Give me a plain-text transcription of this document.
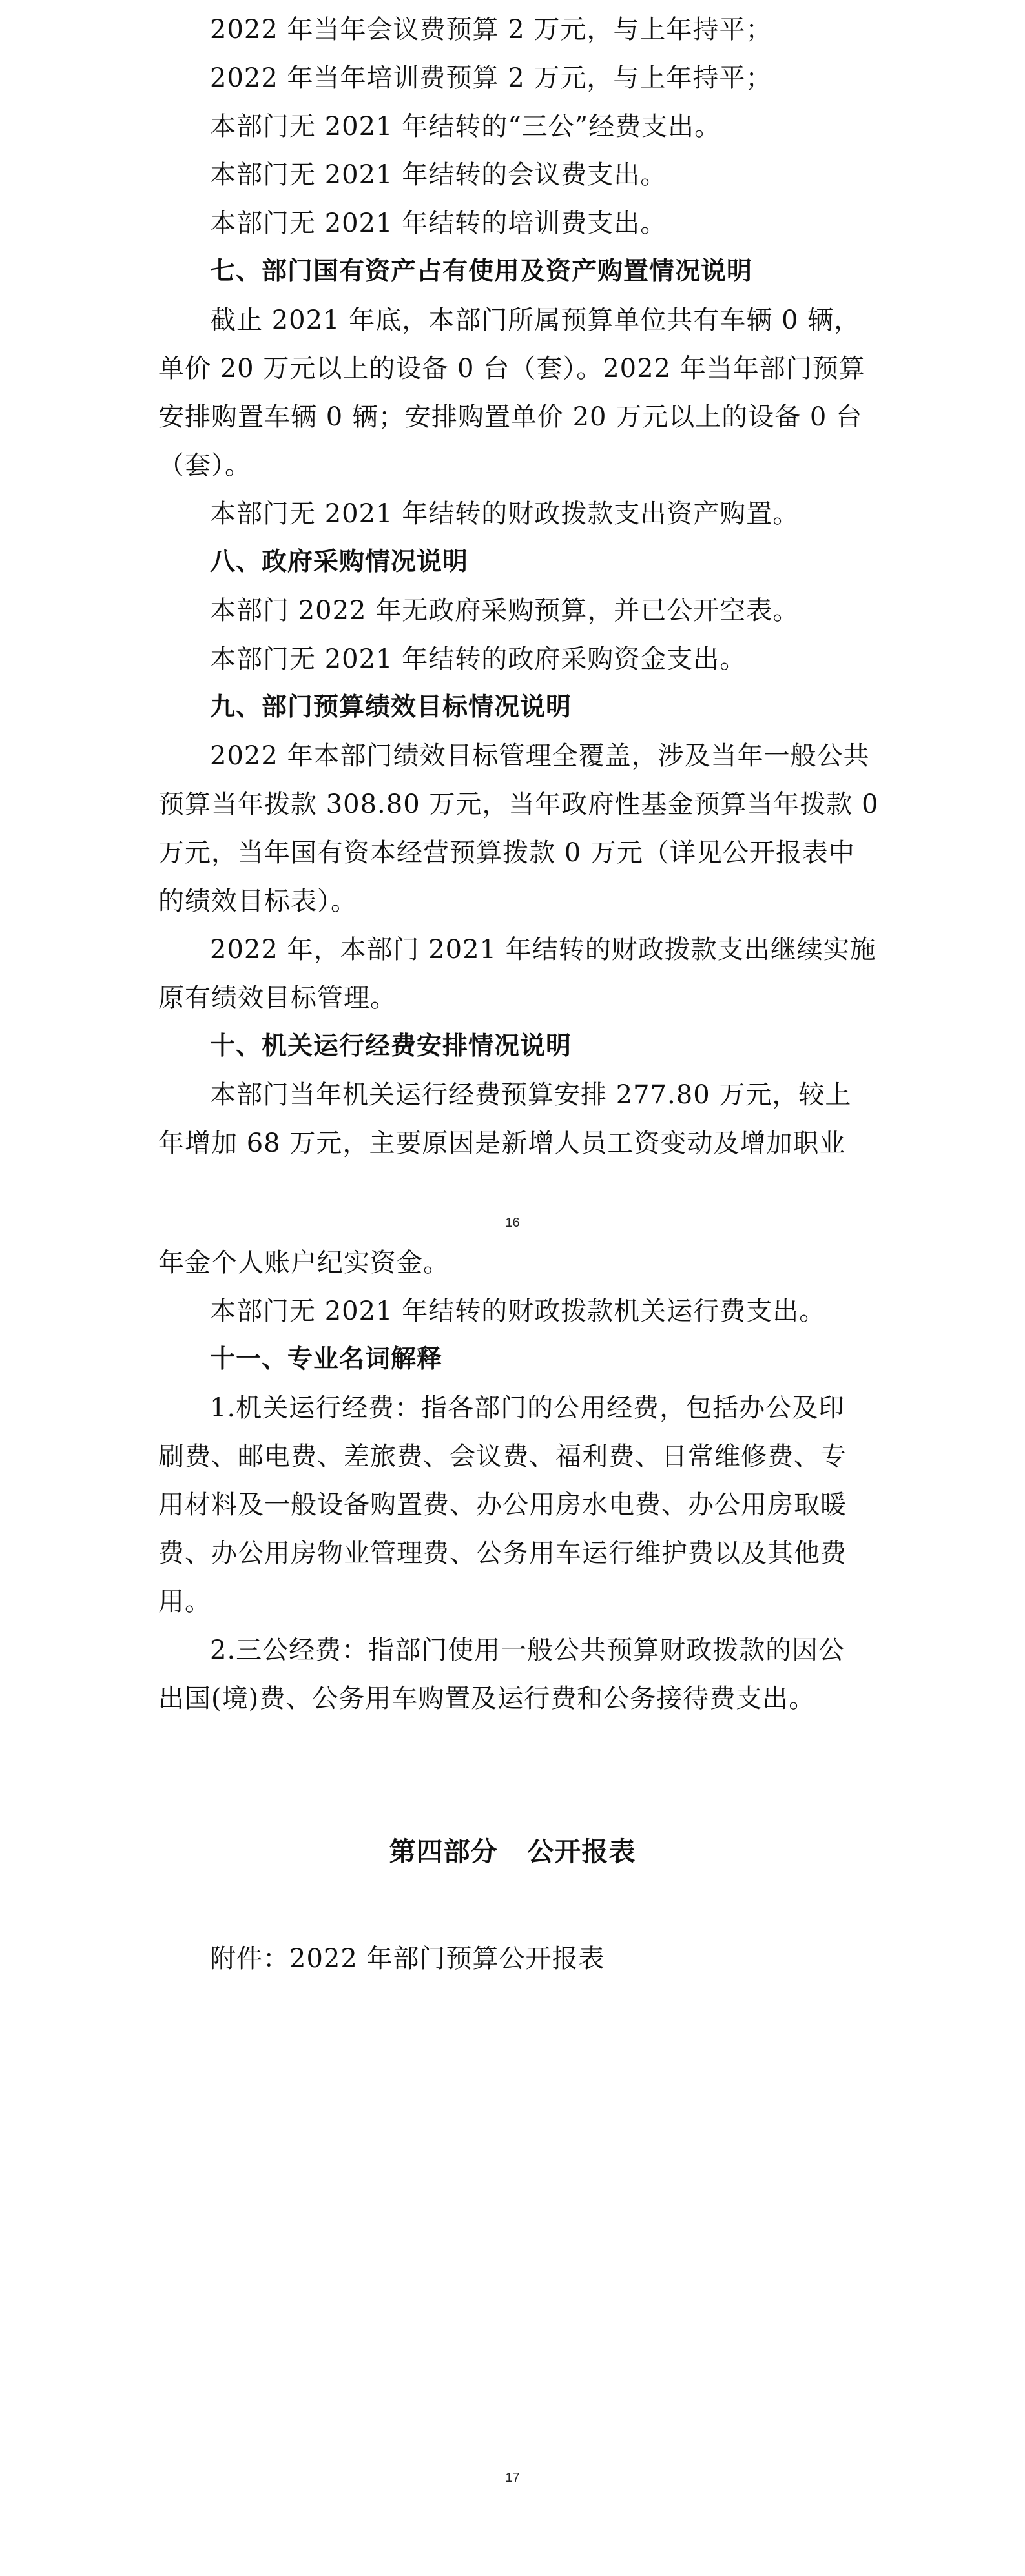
2022 年当年会议费预算 2 万元，与上年持平；
2022 年当年培训费预算 2 万元，与上年持平；
本部门无 2021 年结转的“三公”经费支出。
本部门无 2021 年结转的会议费支出。
本部门无 2021 年结转的培训费支出。
七、部门国有资产占有使用及资产购置情况说明
截止 2021 年底，本部门所属预算单位共有车辆 0 辆，
单价 20 万元以上的设备 0 台（套）。2022 年当年部门预算
安排购置车辆 0 辆；安排购置单价 20 万元以上的设备 0 台
（套）。
本部门无 2021 年结转的财政拨款支出资产购置。
八、政府采购情况说明
本部门 2022 年无政府采购预算，并已公开空表。
本部门无 2021 年结转的政府采购资金支出。
九、部门预算绩效目标情况说明
2022 年本部门绩效目标管理全覆盖，涉及当年一般公共
预算当年拨款 308.80 万元，当年政府性基金预算当年拨款 0
万元，当年国有资本经营预算拨款 0 万元（详见公开报表中
的绩效目标表）。
2022 年，本部门 2021 年结转的财政拨款支出继续实施
原有绩效目标管理。
十、机关运行经费安排情况说明
本部门当年机关运行经费预算安排 277.80 万元，较上
年增加 68 万元，主要原因是新增人员工资变动及增加职业
16
年金个人账户纪实资金。
本部门无 2021 年结转的财政拨款机关运行费支出。
十一、专业名词解释
1.机关运行经费：指各部门的公用经费，包括办公及印
刷费、邮电费、差旅费、会议费、福利费、日常维修费、专
用材料及一般设备购置费、办公用房水电费、办公用房取暖
费、办公用房物业管理费、公务用车运行维护费以及其他费
用。
2.三公经费：指部门使用一般公共预算财政拨款的因公
出国(境)费、公务用车购置及运行费和公务接待费支出。
第四部分   公开报表
附件：2022 年部门预算公开报表
17
